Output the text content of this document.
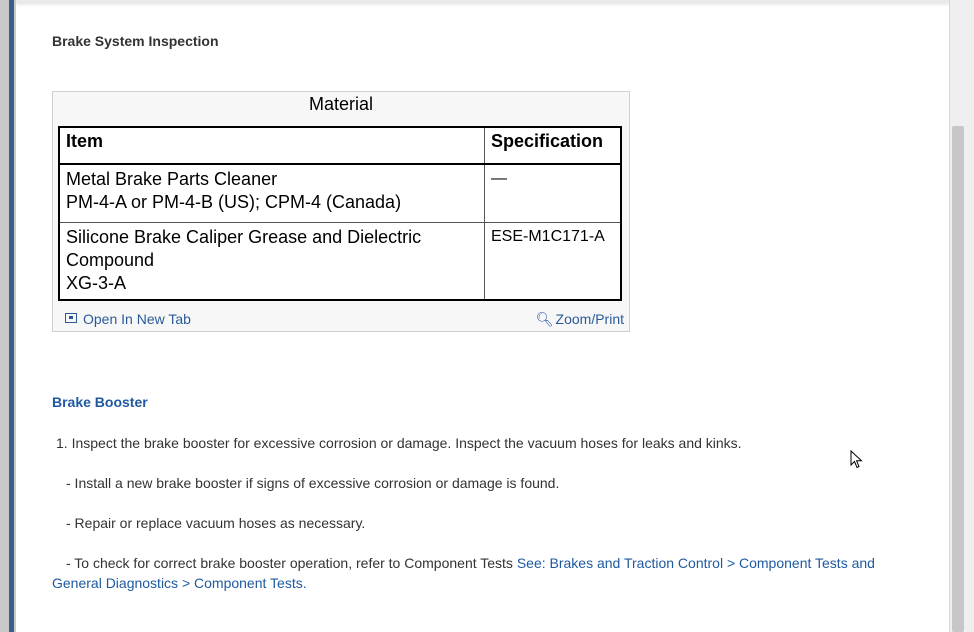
Brake System Inspection
Material
Item	Specification

Metal Brake Parts Cleaner
PM-4-A or PM-4-B (US); CPM-4 (Canada)	—

Silicone Brake Caliper Grease and Dielectric
Compound
XG-3-A	ESE-M1C171-A
Open In New Tab	🔍︎ Zoom/Print
Brake Booster
1. Inspect the brake booster for excessive corrosion or damage. Inspect the vacuum hoses for leaks and kinks.
- Install a new brake booster if signs of excessive corrosion or damage is found.
- Repair or replace vacuum hoses as necessary.
- To check for correct brake booster operation, refer to Component Tests See: Brakes and Traction Control > Component Tests and General Diagnostics > Component Tests.
